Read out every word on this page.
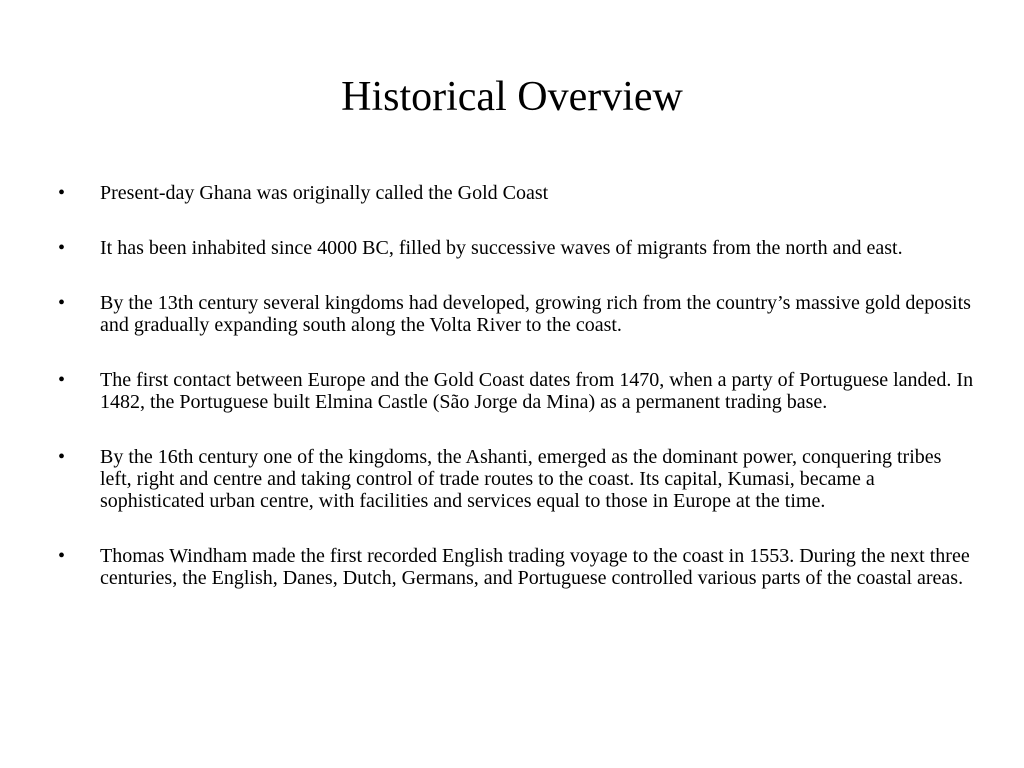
Historical Overview
• Present-day Ghana was originally called the Gold Coast
• It has been inhabited since 4000 BC, filled by successive waves of migrants from the north and east.
• By the 13th century several kingdoms had developed, growing rich from the country’s massive gold deposits and gradually expanding south along the Volta River to the coast.
• The first contact between Europe and the Gold Coast dates from 1470, when a party of Portuguese landed. In 1482, the Portuguese built Elmina Castle (São Jorge da Mina) as a permanent trading base.
• By the 16th century one of the kingdoms, the Ashanti, emerged as the dominant power, conquering tribes left, right and centre and taking control of trade routes to the coast. Its capital, Kumasi, became a sophisticated urban centre, with facilities and services equal to those in Europe at the time.
• Thomas Windham made the first recorded English trading voyage to the coast in 1553. During the next three centuries, the English, Danes, Dutch, Germans, and Portuguese controlled various parts of the coastal areas.
